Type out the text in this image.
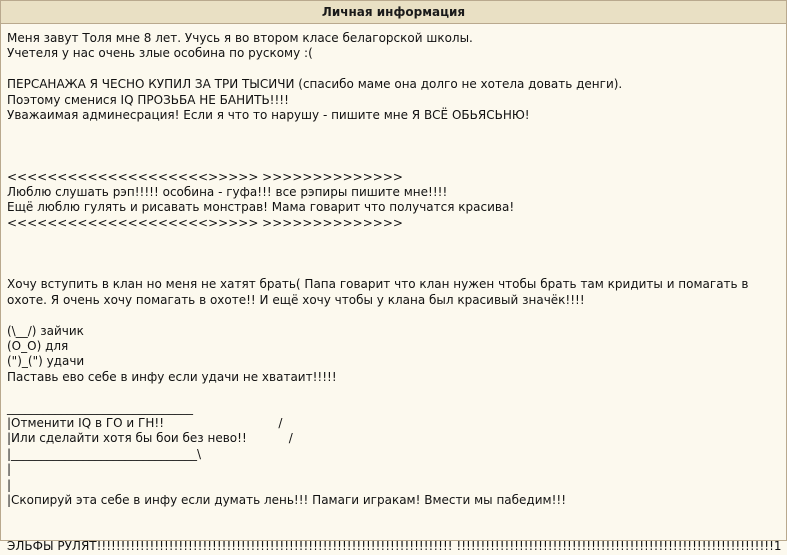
Личная информация
Меня завут Толя мне 8 лет. Учусь я во втором класе белагорской школы.
Учетеля у нас очень злые особина по рускому :(
ПЕРСАНАЖА Я ЧЕСНО КУПИЛ ЗА ТРИ ТЫСИЧИ (спасибо маме она долго не хотела довать денги).
Поэтому сменися IQ ПРОЗЬБА НЕ БАНИТЬ!!!!
Уважаимая админесрация! Если я что то нарушу - пишите мне Я ВСЁ ОБЬЯСЬНЮ!
<<<<<<<<<<<<<<<<<<<<>>>>> >>>>>>>>>>>>>>
Люблю слушать рэп!!!!! особина - гуфа!!! все рэпиры пишите мне!!!!
Ещё люблю гулять и рисавать монстрав! Мама говарит что получатся красива!
<<<<<<<<<<<<<<<<<<<<>>>>> >>>>>>>>>>>>>>
Хочу вступить в клан но меня не хатят брать( Папа говарит что клан нужен чтобы брать там кридиты и помагать в охоте. Я очень хочу помагать в охоте!! И ещё хочу чтобы у клана был красивый значёк!!!!
(\__/) зайчик
(O_O) для
(")_(") удачи
Паставь ево себе в инфу если удачи не хватаит!!!!!
_______________________________
|Отменити IQ в ГО и ГН!!                              /
|Или сделайти хотя бы бои без нево!!           /
|_______________________________\
|
|
|Скопируй эта себе в инфу если думать лень!!! Памаги игракам! Вмести мы пабедим!!!
ЭЛЬФЫ РУЛЯТ!!!!!!!!!!!!!!!!!!!!!!!!!!!!!!!!!!!!!!!!!!!!!!!!!!!!!!!!!!!!!!!!!!!!!!!!!! !!!!!!!!!!!!!!!!!!!!!!!!!!!!!!!!!!!!!!!!!!!!!!!!!!!!!!!!!!!!!!!!!!1
